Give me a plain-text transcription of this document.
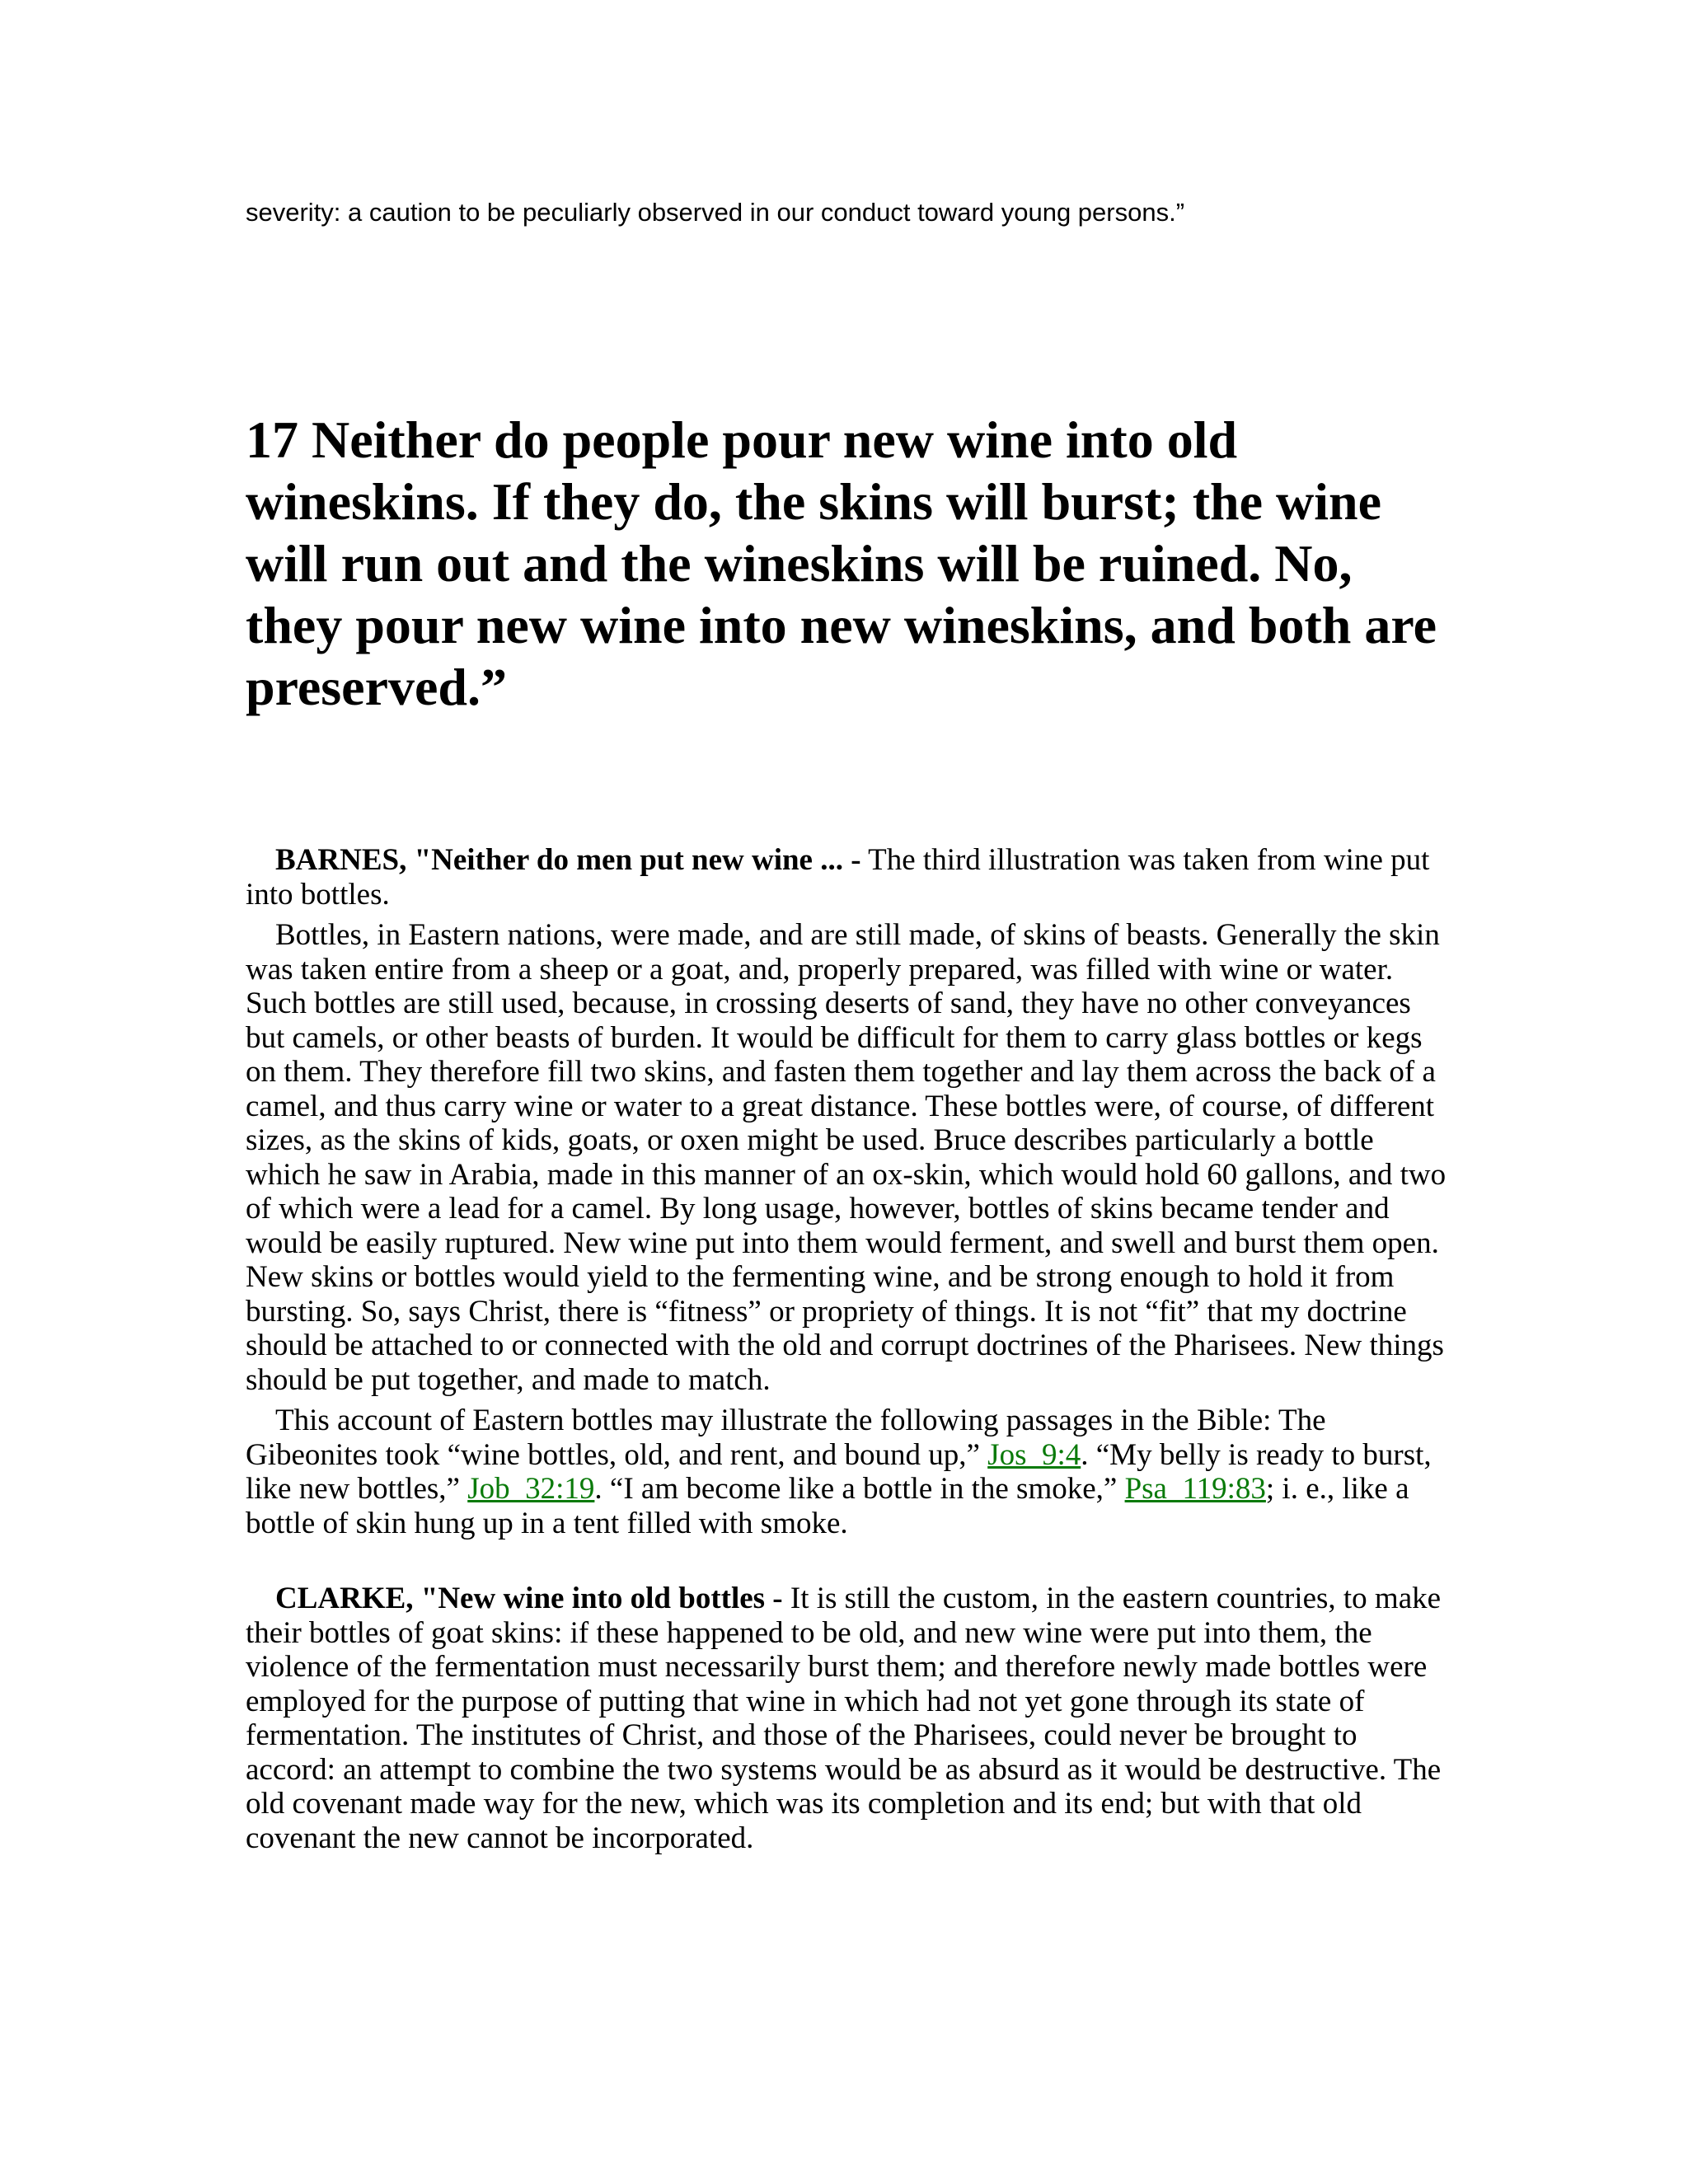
severity: a caution to be peculiarly observed in our conduct toward young persons.”

17 Neither do people pour new wine into old wineskins. If they do, the skins will burst; the wine will run out and the wineskins will be ruined. No, they pour new wine into new wineskins, and both are preserved.”

BARNES, "Neither do men put new wine ... - The third illustration was taken from wine put into bottles.

Bottles, in Eastern nations, were made, and are still made, of skins of beasts. Generally the skin was taken entire from a sheep or a goat, and, properly prepared, was filled with wine or water. Such bottles are still used, because, in crossing deserts of sand, they have no other conveyances but camels, or other beasts of burden. It would be difficult for them to carry glass bottles or kegs on them. They therefore fill two skins, and fasten them together and lay them across the back of a camel, and thus carry wine or water to a great distance. These bottles were, of course, of different sizes, as the skins of kids, goats, or oxen might be used. Bruce describes particularly a bottle which he saw in Arabia, made in this manner of an ox-skin, which would hold 60 gallons, and two of which were a lead for a camel. By long usage, however, bottles of skins became tender and would be easily ruptured. New wine put into them would ferment, and swell and burst them open. New skins or bottles would yield to the fermenting wine, and be strong enough to hold it from bursting. So, says Christ, there is “fitness” or propriety of things. It is not “fit” that my doctrine should be attached to or connected with the old and corrupt doctrines of the Pharisees. New things should be put together, and made to match.

This account of Eastern bottles may illustrate the following passages in the Bible: The Gibeonites took “wine bottles, old, and rent, and bound up,” Jos_9:4. “My belly is ready to burst, like new bottles,” Job_32:19. “I am become like a bottle in the smoke,” Psa_119:83; i. e., like a bottle of skin hung up in a tent filled with smoke.

CLARKE, "New wine into old bottles - It is still the custom, in the eastern countries, to make their bottles of goat skins: if these happened to be old, and new wine were put into them, the violence of the fermentation must necessarily burst them; and therefore newly made bottles were employed for the purpose of putting that wine in which had not yet gone through its state of fermentation. The institutes of Christ, and those of the Pharisees, could never be brought to accord: an attempt to combine the two systems would be as absurd as it would be destructive. The old covenant made way for the new, which was its completion and its end; but with that old covenant the new cannot be incorporated.
